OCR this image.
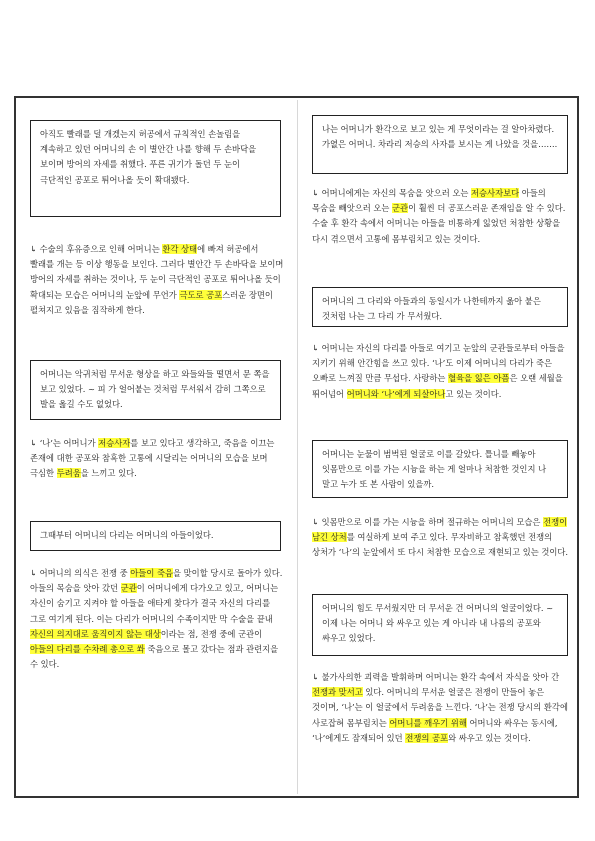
아직도 빨래를 덜 개겠는지 허공에서 규칙적인 손놀림을 계속하고 있던 어머니의 손 이 별안간 나를 향해 두 손바닥을 보이며 방어의 자세를 취했다. 푸른 귀기가 돌던 두 눈이 극단적인 공포로 튀어나올 듯이 확대됐다.
↳ 수술의 후유증으로 인해 어머니는 환각 상태에 빠져 허공에서 빨래를 개는 등 이상 행동을 보인다. 그러다 별안간 두 손바닥을 보이며 방어의 자세를 취하는 것이나, 두 눈이 극단적인 공포로 튀어나올 듯이 확대되는 모습은 어머니의 눈앞에 무언가 극도로 공포스러운 장면이 펼쳐지고 있음을 짐작하게 한다.
어머니는 악귀처럼 무서운 형상을 하고 와들와들 떨면서 문 쪽을 보고 있었다. ~ 피 가 얼어붙는 것처럼 무서워서 감히 그쪽으로 발을 옮길 수도 없었다.
↳ ‘나’는 어머니가 저승사자를 보고 있다고 생각하고, 죽음을 이끄는 존재에 대한 공포와 참혹한 고통에 시달리는 어머니의 모습을 보며 극심한 두려움을 느끼고 있다.
그때부터 어머니의 다리는 어머니의 아들이었다.
↳ 어머니의 의식은 전쟁 중 아들이 죽음을 맞이할 당시로 돌아가 있다. 아들의 목숨을 앗아 갔던 군관이 어머니에게 다가오고 있고, 어머니는 자신이 숨기고 지켜야 할 아들을 애타게 찾다가 결국 자신의 다리를 그로 여기게 된다. 이는 다리가 어머니의 수족이지만 막 수술을 끝내 자신의 의지대로 움직이지 않는 대상이라는 점, 전쟁 중에 군관이 아들의 다리를 수차례 총으로 쏴 죽음으로 몰고 갔다는 점과 관련지을 수 있다.
나는 어머니가 환각으로 보고 있는 게 무엇이라는 걸 알아차렸다. 가엾은 어머니. 차라리 저승의 사자를 보시는 게 나았을 것을…….
↳ 어머니에게는 자신의 목숨을 앗으러 오는 저승사자보다 아들의 목숨을 빼앗으러 오는 군관이 훨씬 더 공포스러운 존재임을 알 수 있다. 수술 후 환각 속에서 어머니는 아들을 비통하게 잃었던 처참한 상황을 다시 겪으면서 고통에 몸부림치고 있는 것이다.
어머니의 그 다리와 아들과의 동일시가 나한테까지 옮아 붙은 것처럼 나는 그 다리 가 무서웠다.
↳ 어머니는 자신의 다리를 아들로 여기고 눈앞의 군관들로부터 아들을 지키기 위해 안간힘을 쓰고 있다. ‘나’도 이제 어머니의 다리가 죽은 오빠로 느껴질 만큼 무섭다. 사랑하는 혈육을 잃은 아픔은 오랜 세월을 뛰어넘어 어머니와 ‘나’에게 되살아나고 있는 것이다.
어머니는 눈물이 범벅된 얼굴로 이를 갈았다. 틀니를 빼놓아 잇몸만으로 이를 가는 시늉을 하는 게 얼마나 처참한 것인지 나 말고 누가 또 본 사람이 있을까.
↳ 잇몸만으로 이를 가는 시늉을 하며 절규하는 어머니의 모습은 전쟁이 남긴 상처를 여실하게 보여 주고 있다. 무자비하고 참혹했던 전쟁의 상처가 ‘나’의 눈앞에서 또 다시 처참한 모습으로 재현되고 있는 것이다.
어머니의 힘도 무서웠지만 더 무서운 건 어머니의 얼굴이었다. ~ 이제 나는 어머니 와 싸우고 있는 게 아니라 내 나름의 공포와 싸우고 있었다.
↳ 불가사의한 괴력을 발휘하며 어머니는 환각 속에서 자식을 앗아 간 전쟁과 맞서고 있다. 어머니의 무서운 얼굴은 전쟁이 만들어 놓은 것이며, ‘나’는 이 얼굴에서 두려움을 느낀다. ‘나’는 전쟁 당시의 환각에 사로잡혀 몸부림치는 어머니를 깨우기 위해 어머니와 싸우는 동시에, ‘나’에게도 잠재되어 있던 전쟁의 공포와 싸우고 있는 것이다.
